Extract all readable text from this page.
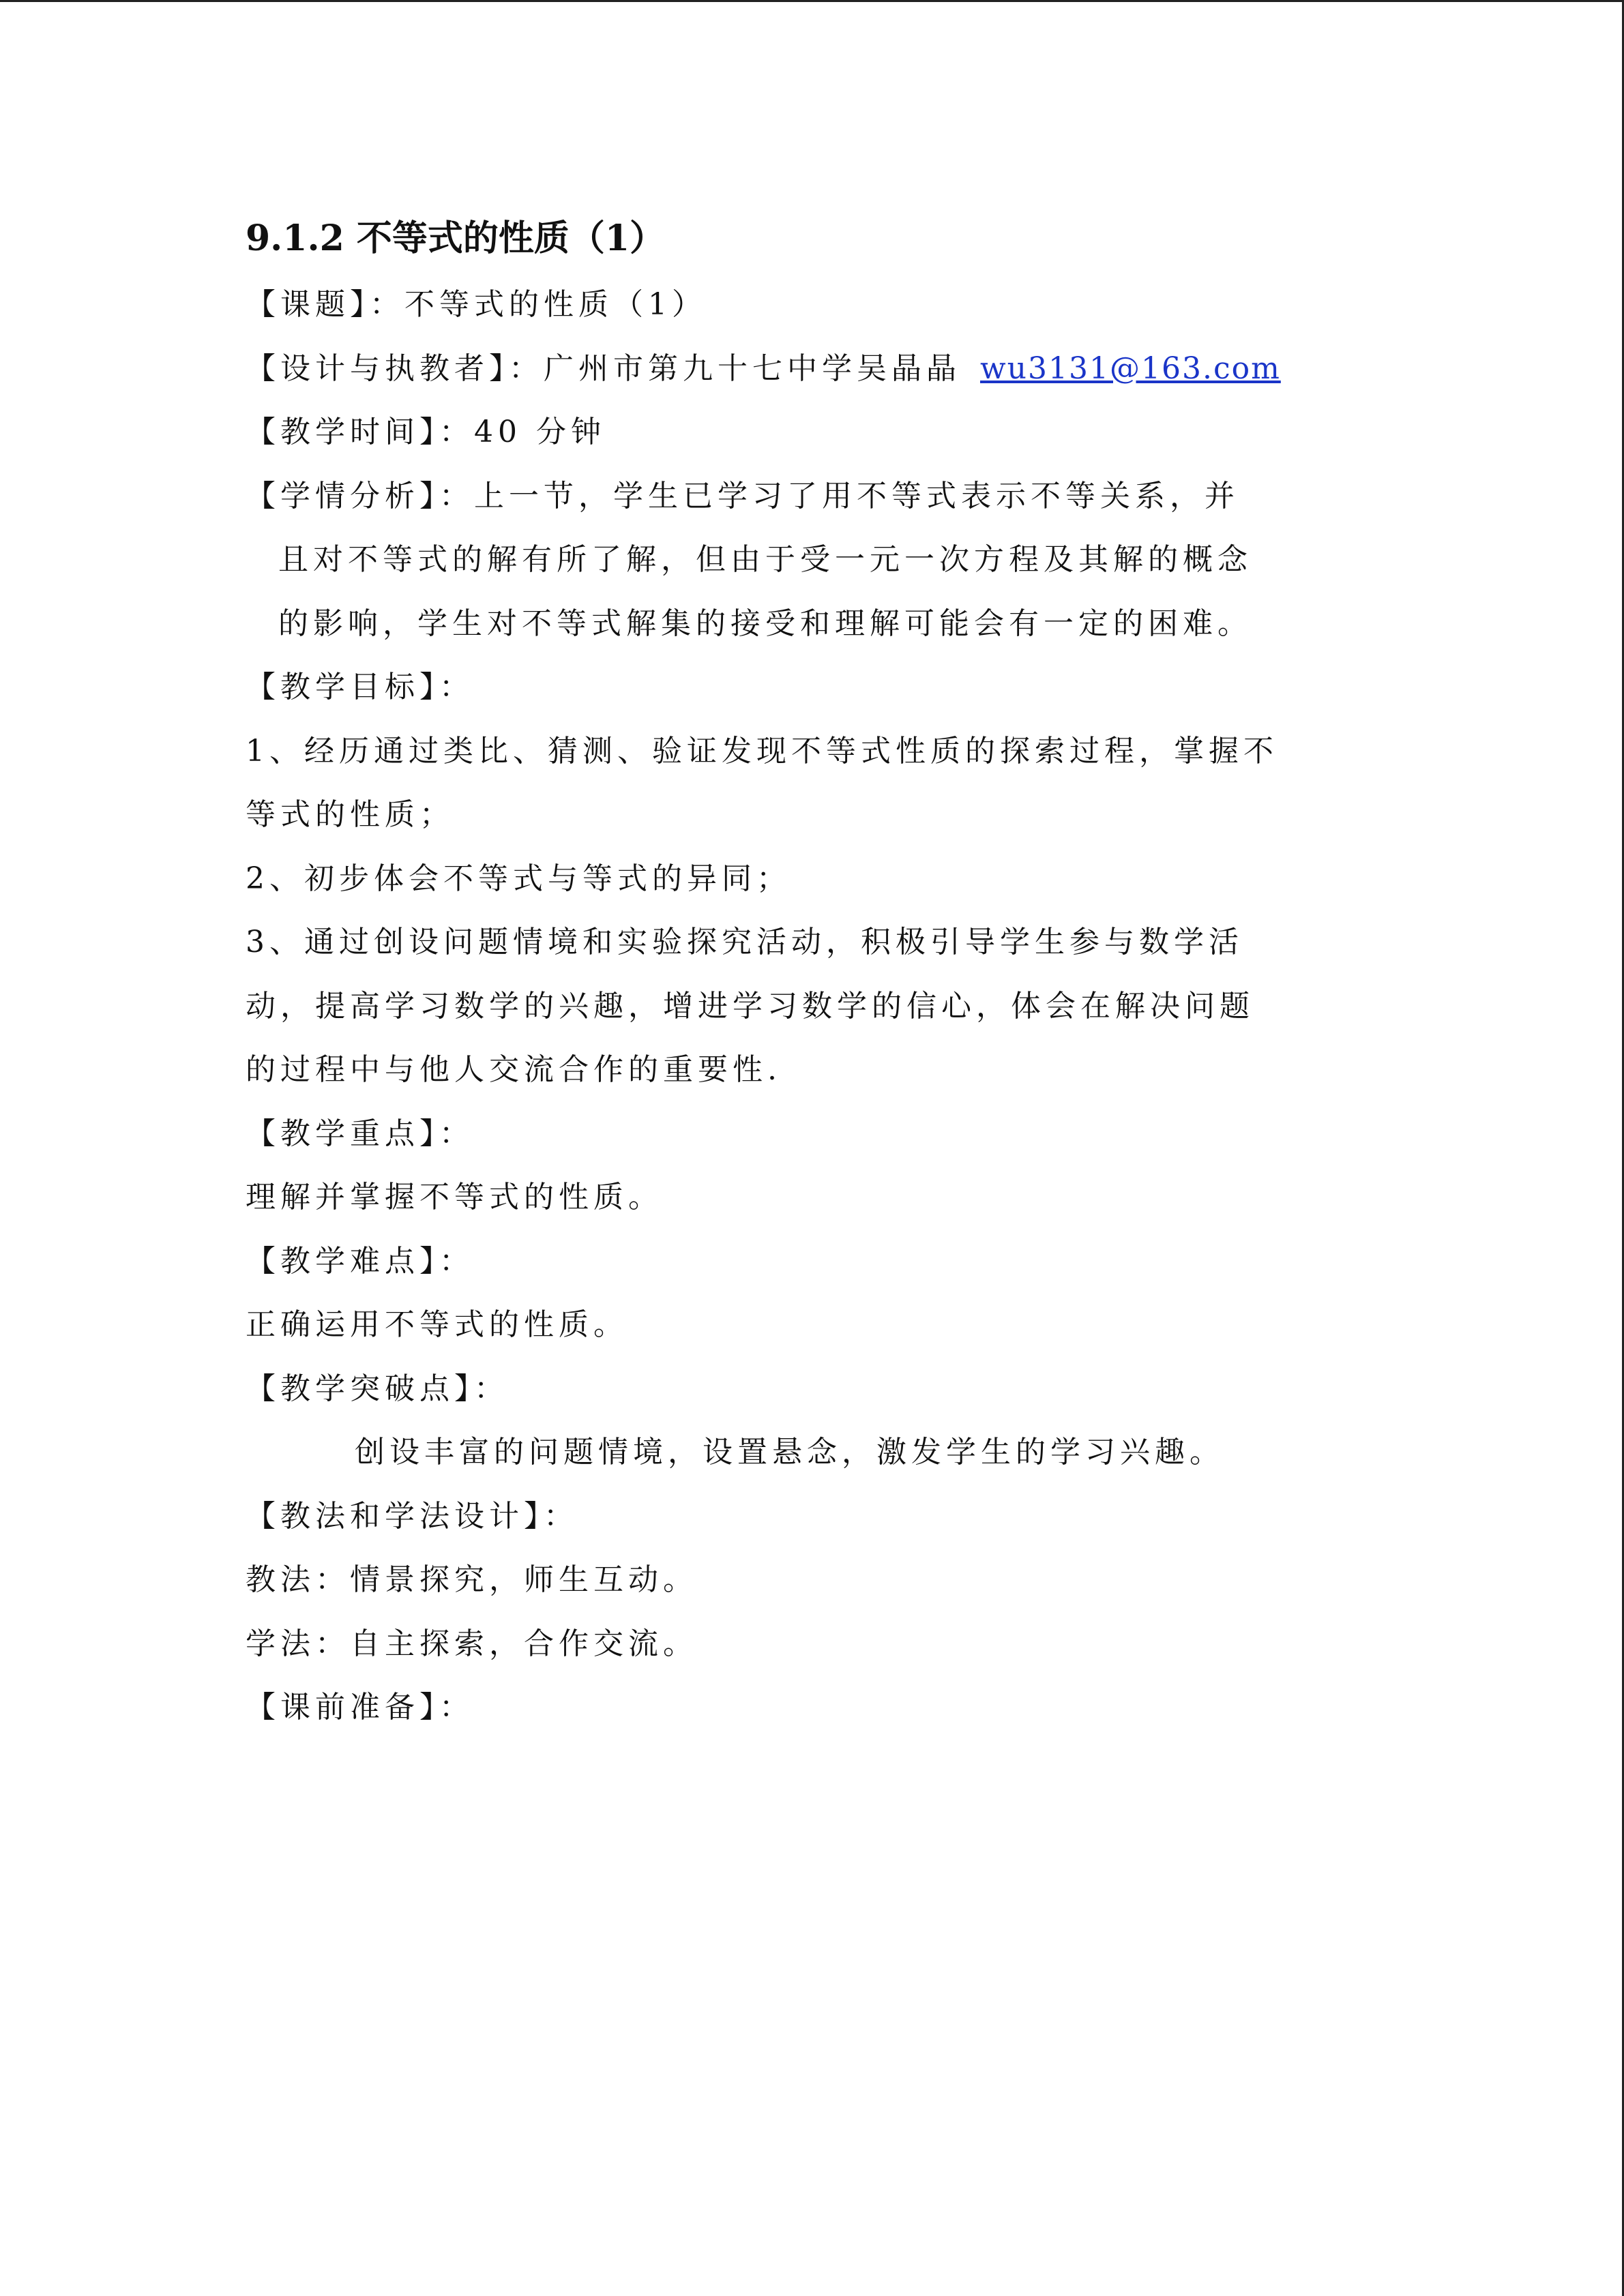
9.1.2 不等式的性质（1）

【课题】：不等式的性质（1）

【设计与执教者】：广州市第九十七中学吴晶晶 wu3131@163.com

【教学时间】：40 分钟

【学情分析】：上一节，学生已学习了用不等式表示不等关系，并

且对不等式的解有所了解，但由于受一元一次方程及其解的概念

的影响，学生对不等式解集的接受和理解可能会有一定的困难。

【教学目标】：

1、经历通过类比、猜测、验证发现不等式性质的探索过程，掌握不

等式的性质；

2、初步体会不等式与等式的异同；

3、通过创设问题情境和实验探究活动，积极引导学生参与数学活

动，提高学习数学的兴趣，增进学习数学的信心，体会在解决问题

的过程中与他人交流合作的重要性.

【教学重点】：

理解并掌握不等式的性质。

【教学难点】：

正确运用不等式的性质。

【教学突破点】：

创设丰富的问题情境，设置悬念，激发学生的学习兴趣。

【教法和学法设计】：

教法：情景探究，师生互动。

学法：自主探索，合作交流。

【课前准备】：
